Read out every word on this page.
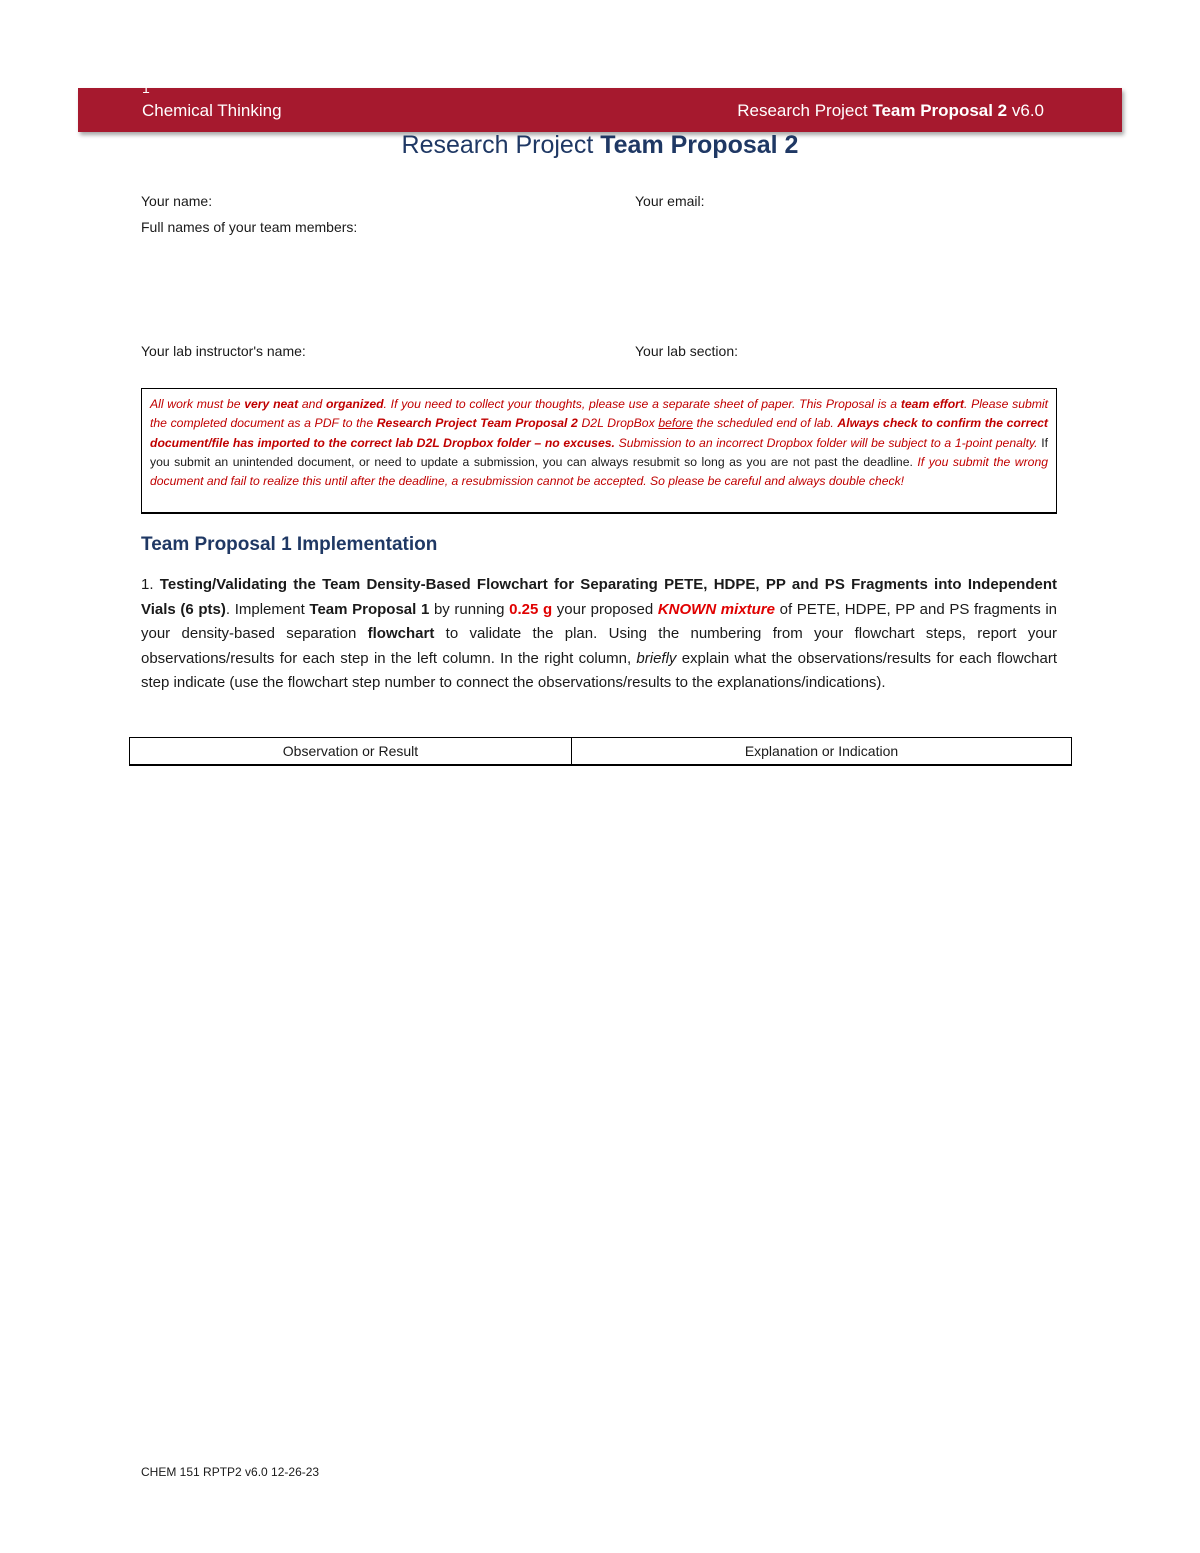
1
Chemical Thinking	Research Project Team Proposal 2 v6.0
Research Project Team Proposal 2
Your name:	Your email:
Full names of your team members:
Your lab instructor's name:	Your lab section:
All work must be very neat and organized. If you need to collect your thoughts, please use a separate sheet of paper. This Proposal is a team effort. Please submit the completed document as a PDF to the Research Project Team Proposal 2 D2L DropBox before the scheduled end of lab. Always check to confirm the correct document/file has imported to the correct lab D2L Dropbox folder – no excuses. Submission to an incorrect Dropbox folder will be subject to a 1-point penalty. If you submit an unintended document, or need to update a submission, you can always resubmit so long as you are not past the deadline. If you submit the wrong document and fail to realize this until after the deadline, a resubmission cannot be accepted. So please be careful and always double check!
Team Proposal 1 Implementation
1. Testing/Validating the Team Density-Based Flowchart for Separating PETE, HDPE, PP and PS Fragments into Independent Vials (6 pts). Implement Team Proposal 1 by running 0.25 g your proposed KNOWN mixture of PETE, HDPE, PP and PS fragments in your density-based separation flowchart to validate the plan. Using the numbering from your flowchart steps, report your observations/results for each step in the left column. In the right column, briefly explain what the observations/results for each flowchart step indicate (use the flowchart step number to connect the observations/results to the explanations/indications).
Observation or Result	Explanation or Indication
CHEM 151 RPTP2 v6.0 12-26-23
